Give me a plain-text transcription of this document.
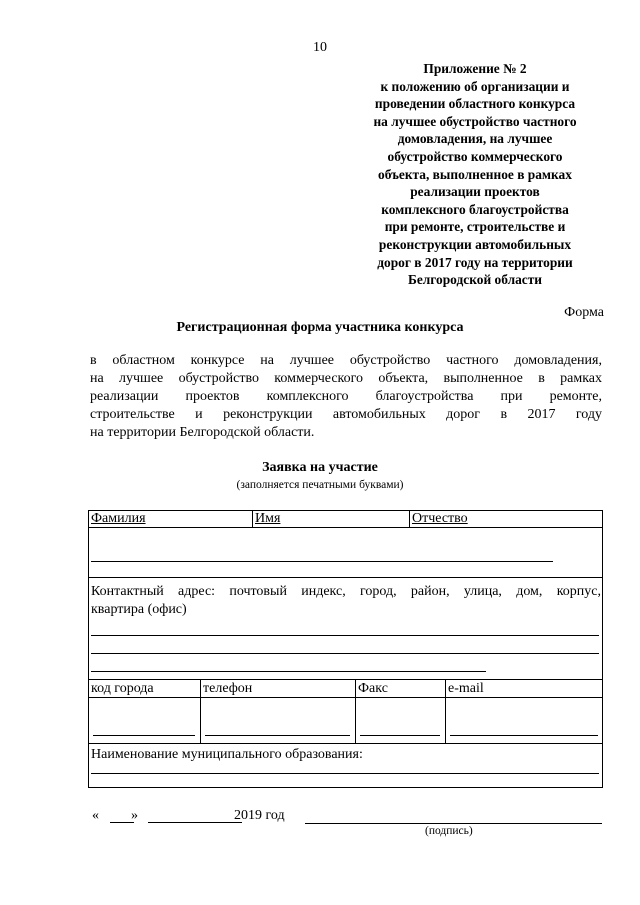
10
Приложение № 2
к положению об организации и
проведении областного конкурса
на лучшее обустройство частного
домовладения, на лучшее
обустройство коммерческого
объекта, выполненное в рамках
реализации проектов
комплексного благоустройства
при ремонте, строительстве и
реконструкции автомобильных
дорог в 2017 году на территории
Белгородской области
Форма
Регистрационная форма участника конкурса
в областном конкурсе на лучшее обустройство частного домовладения,
на лучшее обустройство коммерческого объекта, выполненное в рамках
реализации проектов комплексного благоустройства при ремонте,
строительстве и реконструкции автомобильных дорог в 2017 году
на территории Белгородской области.
Заявка на участие
(заполняется печатными буквами)
Фамилия	Имя	Отчество
Контактный адрес: почтовый индекс, город, район, улица, дом, корпус,
квартира (офис)
код города	телефон	Факс	e-mail
Наименование муниципального образования:
« »	2019 год
(подпись)
